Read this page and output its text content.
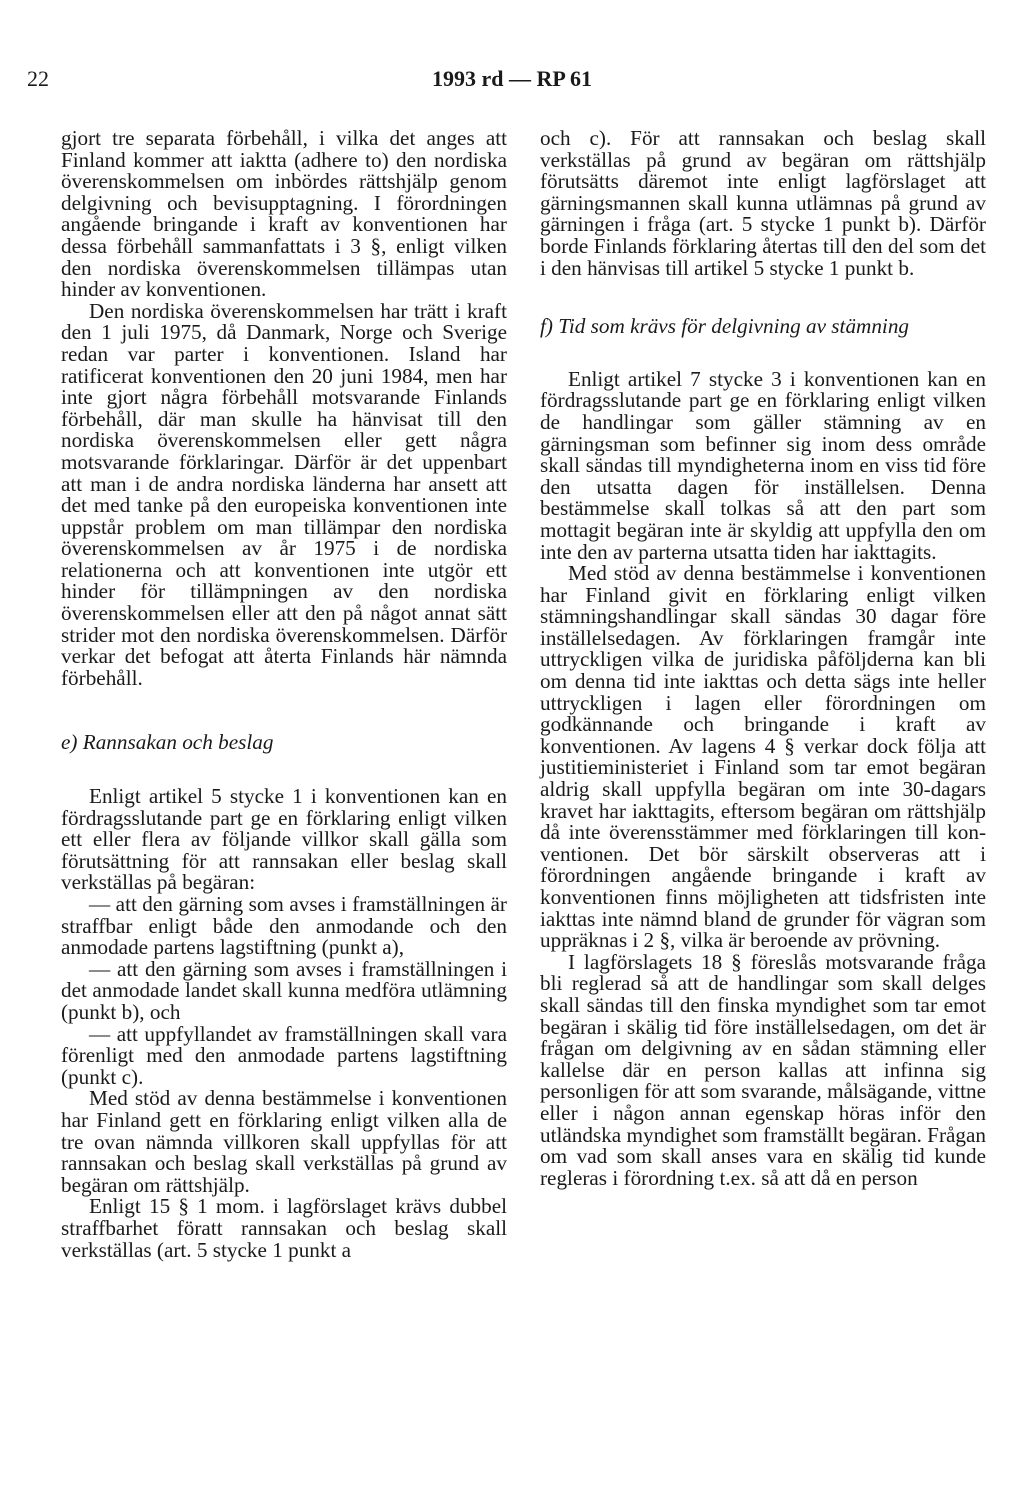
22	1993 rd — RP 61

gjort tre separata förbehåll, i vilka det anges att Finland kommer att iaktta (adhere to) den nordiska överenskommelsen om inbördes rättshjälp genom delgivning och bevisupptagning. I förordningen angående bringande i kraft av konventionen har dessa förbehåll sammanfattats i 3 §, enligt vilken den nordiska överenskommelsen tillämpas utan hinder av konventionen.

Den nordiska överenskommelsen har trätt i kraft den 1 juli 1975, då Danmark, Norge och Sverige redan var parter i konventionen. Island har ratificerat konventionen den 20 juni 1984, men har inte gjort några förbehåll motsvarande Finlands förbehåll, där man skulle ha hänvisat till den nordiska överenskommelsen eller gett några motsvarande förklaringar. Därför är det uppenbart att man i de andra nordiska länderna har ansett att det med tanke på den europeiska konventionen inte uppstår problem om man tillämpar den nordiska överenskommelsen av år 1975 i de nordiska relationerna och att konventionen inte utgör ett hinder för tillämpningen av den nordiska överenskommelsen eller att den på något annat sätt strider mot den nordiska överenskommelsen. Därför verkar det befogat att återta Finlands här nämnda förbehåll.

e) Rannsakan och beslag

Enligt artikel 5 stycke 1 i konventionen kan en fördragsslutande part ge en förklaring enligt vilken ett eller flera av följande villkor skall gälla som förutsättning för att rannsakan eller beslag skall verkställas på begäran:

— att den gärning som avses i framställningen är straffbar enligt både den anmodande och den anmodade partens lagstiftning (punkt a),

— att den gärning som avses i framställningen i det anmodade landet skall kunna medföra utlämning (punkt b), och

— att uppfyllandet av framställningen skall vara förenligt med den anmodade partens lagstiftning (punkt c).

Med stöd av denna bestämmelse i konventionen har Finland gett en förklaring enligt vilken alla de tre ovan nämnda villkoren skall uppfyllas för att rannsakan och beslag skall verkställas på grund av begäran om rättshjälp.

Enligt 15 § 1 mom. i lagförslaget krävs dubbel straffbarhet föratt rannsakan och beslag skall verkställas (art. 5 stycke 1 punkt a

och c). För att rannsakan och beslag skall verkställas på grund av begäran om rättshjälp förutsätts däremot inte enligt lagförslaget att gärningsmannen skall kunna utlämnas på grund av gärningen i fråga (art. 5 stycke 1 punkt b). Därför borde Finlands förklaring återtas till den del som det i den hänvisas till artikel 5 stycke 1 punkt b.

f) Tid som krävs för delgivning av stämning

Enligt artikel 7 stycke 3 i konventionen kan en fördragsslutande part ge en förklaring enligt vilken de handlingar som gäller stämning av en gärningsman som befinner sig inom dess område skall sändas till myndigheterna inom en viss tid före den utsatta dagen för inställelsen. Denna bestämmelse skall tolkas så att den part som mottagit begäran inte är skyldig att uppfylla den om inte den av parterna utsatta tiden har iakttagits.

Med stöd av denna bestämmelse i konventionen har Finland givit en förklaring enligt vilken stämningshandlingar skall sändas 30 dagar före inställelsedagen. Av förklaringen framgår inte uttryckligen vilka de juridiska påföljderna kan bli om denna tid inte iakttas och detta sägs inte heller uttryckligen i lagen eller förordningen om godkännande och bringande i kraft av konventionen. Av lagens 4 § verkar dock följa att justitieministeriet i Finland som tar emot begäran aldrig skall uppfylla begäran om inte 30-dagars kravet har iakttagits, eftersom begäran om rättshjälp då inte överensstämmer med förklaringen till konventionen. Det bör särskilt observeras att i förordningen angående bringande i kraft av konventionen finns möjligheten att tidsfristen inte iakttas inte nämnd bland de grunder för vägran som uppräknas i 2 §, vilka är beroende av prövning.

I lagförslagets 18 § föreslås motsvarande fråga bli reglerad så att de handlingar som skall delges skall sändas till den finska myndighet som tar emot begäran i skälig tid före inställelsedagen, om det är frågan om delgivning av en sådan stämning eller kallelse där en person kallas att infinna sig personligen för att som svarande, målsägande, vittne eller i någon annan egenskap höras inför den utländska myndighet som framställt begäran. Frågan om vad som skall anses vara en skälig tid kunde regleras i förordning t.ex. så att då en person
